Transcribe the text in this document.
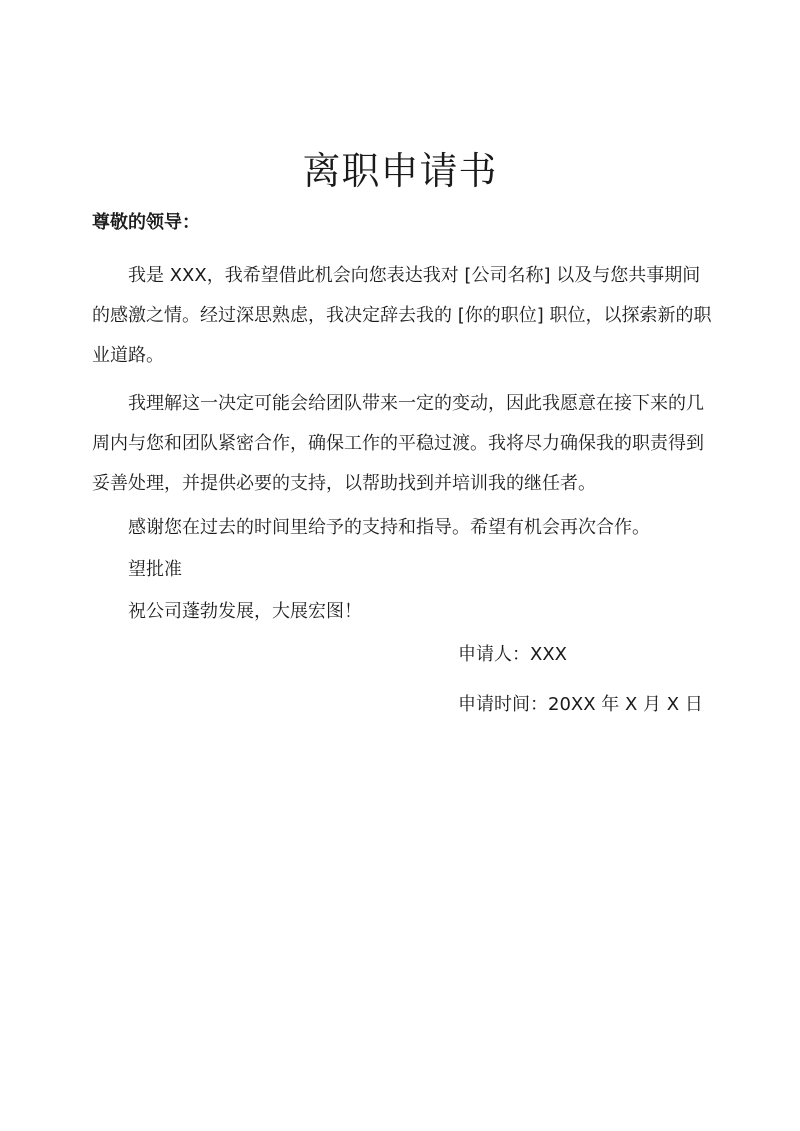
离职申请书
尊敬的领导：

我是 XXX，我希望借此机会向您表达我对 [公司名称] 以及与您共事期间的感激之情。经过深思熟虑，我决定辞去我的 [你的职位] 职位，以探索新的职业道路。

我理解这一决定可能会给团队带来一定的变动，因此我愿意在接下来的几周内与您和团队紧密合作，确保工作的平稳过渡。我将尽力确保我的职责得到妥善处理，并提供必要的支持，以帮助找到并培训我的继任者。

感谢您在过去的时间里给予的支持和指导。希望有机会再次合作。

望批准

祝公司蓬勃发展，大展宏图！

申请人：XXX
申请时间：20XX 年 X 月 X 日
